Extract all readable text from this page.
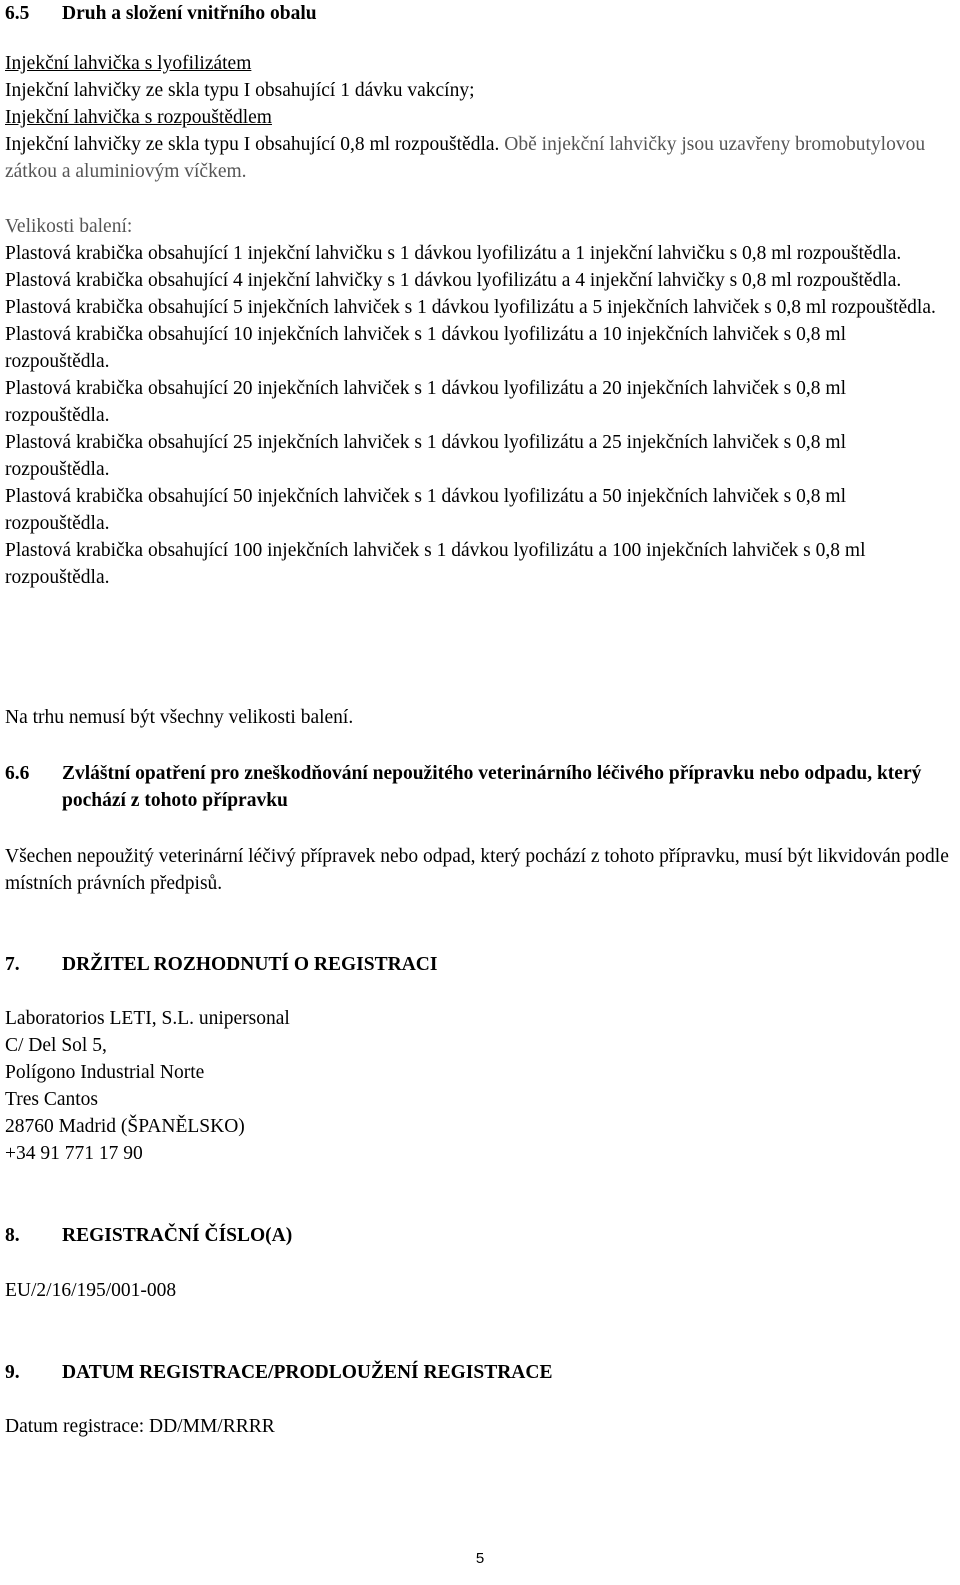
6.5	Druh a složení vnitřního obalu

Injekční lahvička s lyofilizátem

Injekční lahvičky ze skla typu I obsahující 1 dávku vakcíny;

Injekční lahvička s rozpouštědlem

Injekční lahvičky ze skla typu I obsahující 0,8 ml rozpouštědla. Obě injekční lahvičky jsou uzavřeny bromobutylovou zátkou a aluminiovým víčkem.

Velikosti balení:

Plastová krabička obsahující 1 injekční lahvičku s 1 dávkou lyofilizátu a 1 injekční lahvičku s 0,8 ml rozpouštědla.

Plastová krabička obsahující 4 injekční lahvičky s 1 dávkou lyofilizátu a 4 injekční lahvičky s 0,8 ml rozpouštědla.

Plastová krabička obsahující 5 injekčních lahviček s 1 dávkou lyofilizátu a 5 injekčních lahviček s 0,8 ml rozpouštědla.

Plastová krabička obsahující 10 injekčních lahviček s 1 dávkou lyofilizátu a 10 injekčních lahviček s 0,8 ml rozpouštědla.

Plastová krabička obsahující 20 injekčních lahviček s 1 dávkou lyofilizátu a 20 injekčních lahviček s 0,8 ml rozpouštědla.

Plastová krabička obsahující 25 injekčních lahviček s 1 dávkou lyofilizátu a 25 injekčních lahviček s 0,8 ml rozpouštědla.

Plastová krabička obsahující 50 injekčních lahviček s 1 dávkou lyofilizátu a 50 injekčních lahviček s 0,8 ml rozpouštědla.

Plastová krabička obsahující 100 injekčních lahviček s 1 dávkou lyofilizátu a 100 injekčních lahviček s 0,8 ml rozpouštědla.

Na trhu nemusí být všechny velikosti balení.

6.6	Zvláštní opatření pro zneškodňování nepoužitého veterinárního léčivého přípravku nebo odpadu, který pochází z tohoto přípravku

Všechen nepoužitý veterinární léčivý přípravek nebo odpad, který pochází z tohoto přípravku, musí být likvidován podle místních právních předpisů.

7.	DRŽITEL ROZHODNUTÍ O REGISTRACI

Laboratorios LETI, S.L. unipersonal

C/ Del Sol 5,

Polígono Industrial Norte

Tres Cantos

28760 Madrid (ŠPANĚLSKO)

+34 91 771 17 90

8.	REGISTRAČNÍ ČÍSLO(A)

EU/2/16/195/001-008

9.	DATUM REGISTRACE/PRODLOUŽENÍ REGISTRACE

Datum registrace: DD/MM/RRRR

5
